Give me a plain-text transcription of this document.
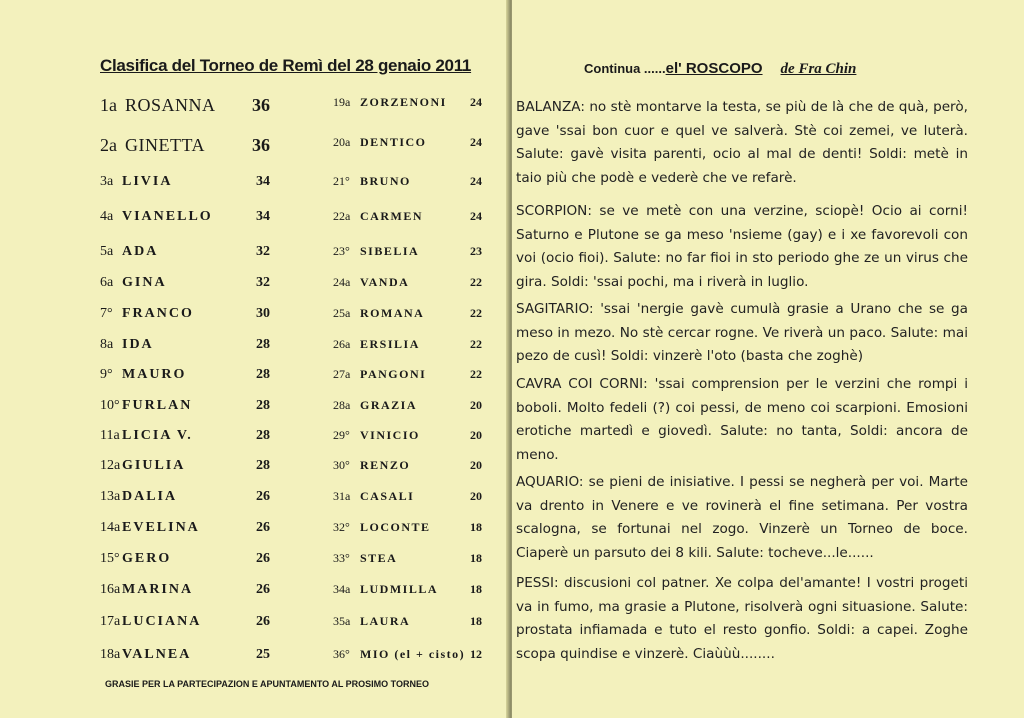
Clasifica del Torneo de Remì del 28 genaio 2011
1a ROSANNA 36	19a ZORZENONI 24
2a GINETTA	36	20a DENTICO	24
3a LIVIA	34	21° BRUNO	24
4a VIANELLO	34	22a CARMEN	24
5a ADA	32	23° SIBELIA	23
6a GINA	32	24a VANDA	22
7° FRANCO	30	25a ROMANA	22
8a IDA	28	26a ERSILIA	22
9° MAURO	28	27a PANGONI	22
10° FURLAN	28	28a GRAZIA	20
11a LICIA V.	28	29° VINICIO	20
12a GIULIA	28	30° RENZO	20
13a DALIA	26	31a CASALI	20
14a EVELINA	26	32° LOCONTE	18
15° GERO	26	33° STEA	18
16a MARINA	26	34a LUDMILLA	18
17a LUCIANA	26	35a LAURA	18
18a VALNEA	25	36° MIO (el + cisto) 12
GRASIE PER LA PARTECIPAZION E APUNTAMENTO AL PROSIMO TORNEO
Continua ......el' ROSCOPO de Fra Chin
BALANZA: no stè montarve la testa, se più de là che de quà, però, gave 'ssai bon cuor e quel ve salverà. Stè coi zemei, ve luterà. Salute: gavè visita parenti, ocio al mal de denti! Soldi: metè in taio più che podè e vederè che ve refarè.
SCORPION: se ve metè con una verzine, sciopè! Ocio ai corni! Saturno e Plutone se ga meso 'nsieme (gay) e i xe favorevoli con voi (ocio fioi). Salute: no far fioi in sto periodo ghe ze un virus che gira. Soldi: 'ssai pochi, ma i riverà in luglio.
SAGITARIO: 'ssai 'nergie gavè cumulà grasie a Urano che se ga meso in mezo. No stè cercar rogne. Ve riverà un paco. Salute: mai pezo de cusì! Soldi: vinzerè l'oto (basta che zoghè)
CAVRA COI CORNI: 'ssai comprension per le verzini che rompi i boboli. Molto fedeli (?) coi pessi, de meno coi scarpioni. Emosioni erotiche martedì e giovedì. Salute: no tanta, Soldi: ancora de meno.
AQUARIO: se pieni de inisiative. I pessi se negherà per voi. Marte va drento in Venere e ve rovinerà el fine setimana. Per vostra scalogna, se fortunai nel zogo. Vinzerè un Torneo de boce. Ciaperè un parsuto dei 8 kili. Salute: tocheve...le......
PESSI: discusioni col patner. Xe colpa del'amante! I vostri progeti va in fumo, ma grasie a Plutone, risolverà ogni situasione. Salute: prostata infiamada e tuto el resto gonfio. Soldi: a capei. Zoghe scopa quindise e vinzerè. Ciaùùù........
